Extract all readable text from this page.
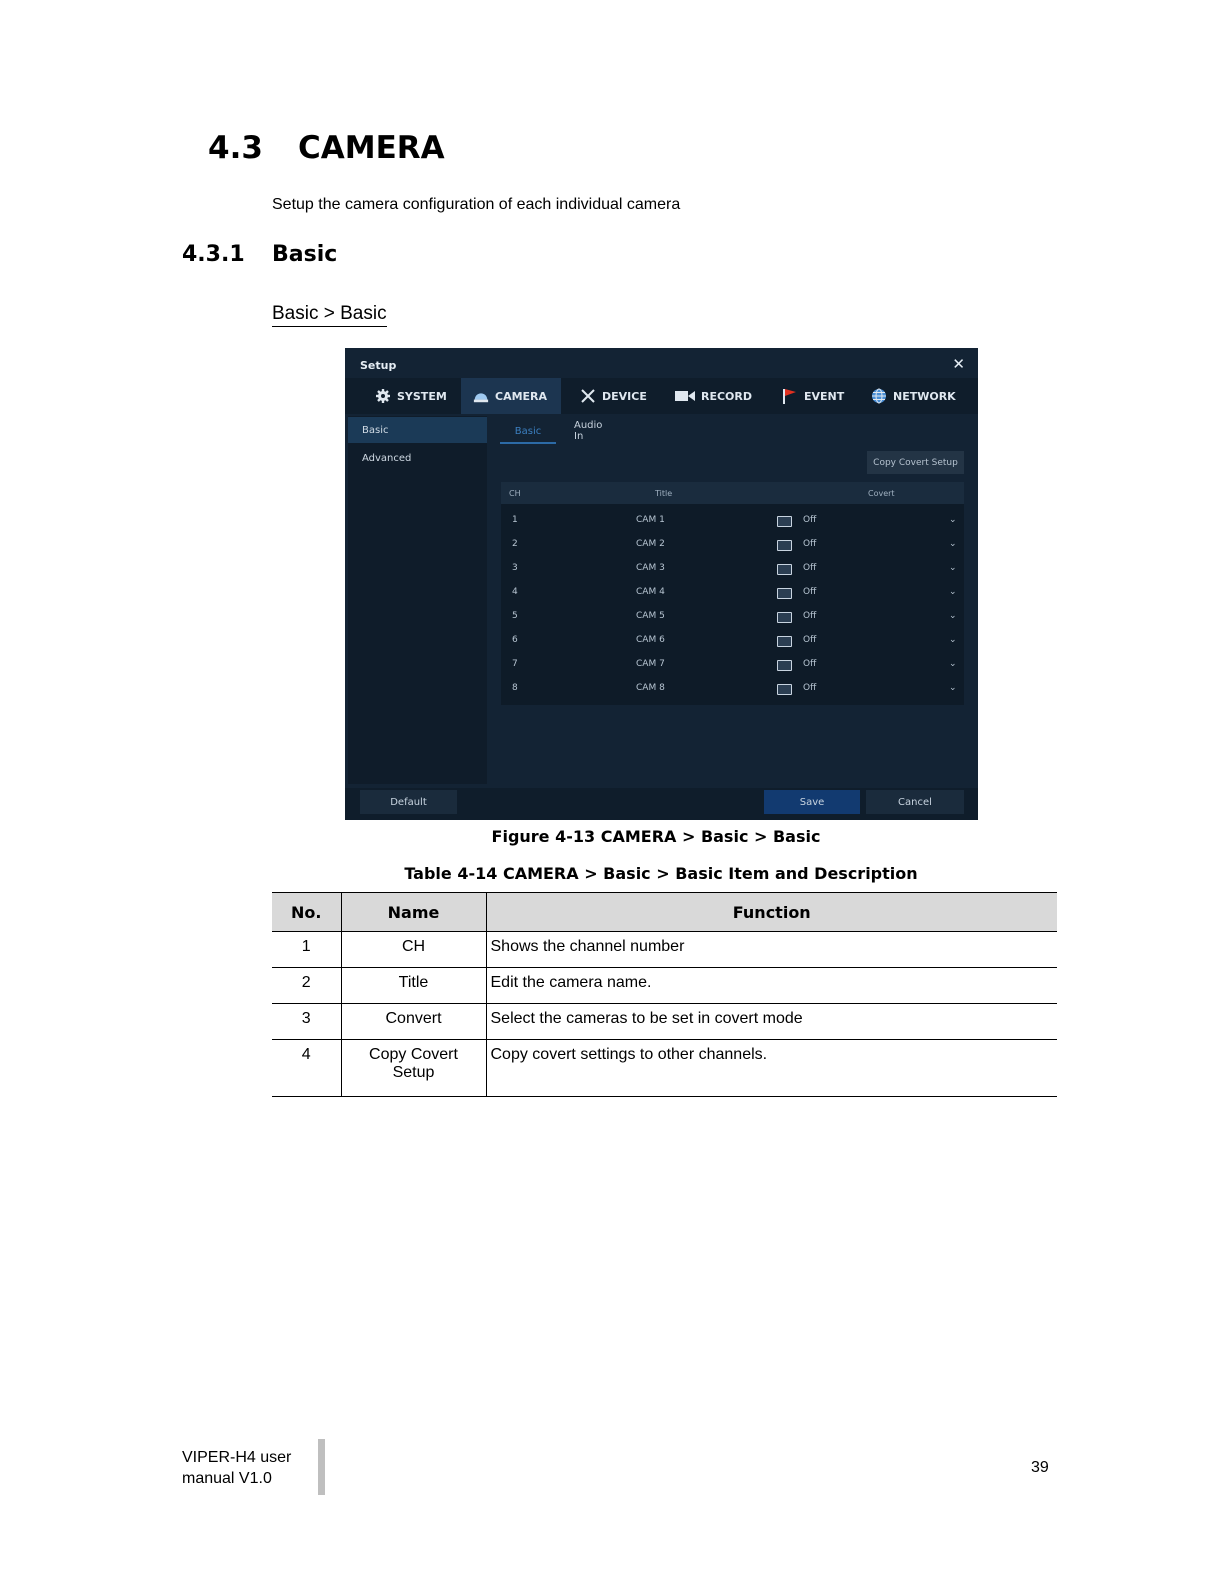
4.3 CAMERA
Setup the camera configuration of each individual camera
4.3.1 Basic
Basic > Basic
Setup	✕
SYSTEM	CAMERA	DEVICE	RECORD	EVENT	NETWORK
Basic
Advanced
Basic	Audio In
Copy Covert Setup
CH	Title	Covert
1	CAM 1	Off	⌄
2	CAM 2	Off	⌄
3	CAM 3	Off	⌄
4	CAM 4	Off	⌄
5	CAM 5	Off	⌄
6	CAM 6	Off	⌄
7	CAM 7	Off	⌄
8	CAM 8	Off	⌄
Default	Save	Cancel
Figure 4-13 CAMERA > Basic > Basic
Table 4-14 CAMERA > Basic > Basic Item and Description
No.	Name	Function
1	CH	Shows the channel number
2	Title	Edit the camera name.
3	Convert	Select the cameras to be set in covert mode
4	Copy Covert Setup	Copy covert settings to other channels.
VIPER-H4 user
manual V1.0
39
